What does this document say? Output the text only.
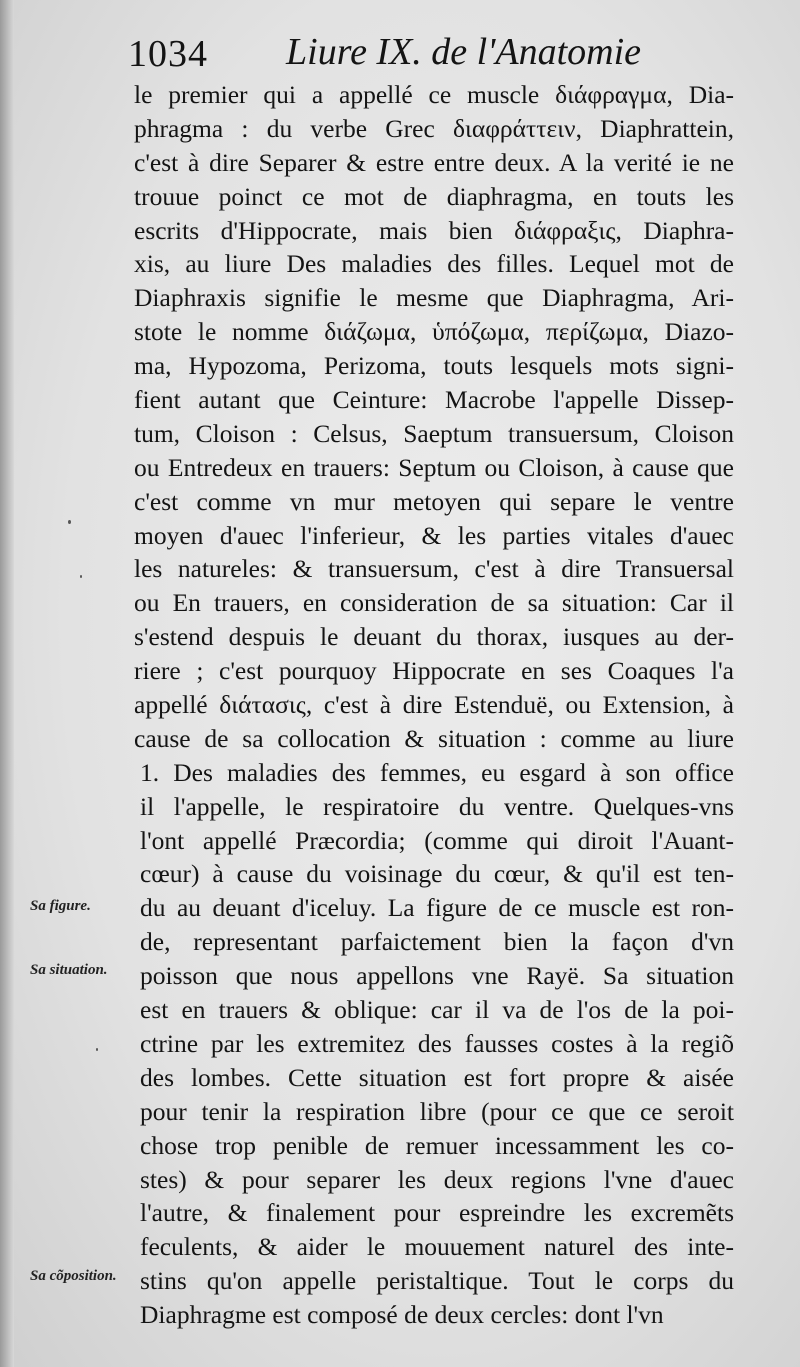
1034 Liure IX. de l'Anatomie
le premier qui a appellé ce muscle διάφραγμα, Dia-
phragma : du verbe Grec διαφράττειν, Diaphrattein,
c'est à dire Separer & estre entre deux. A la verité ie ne
trouue poinct ce mot de diaphragma, en touts les
escrits d'Hippocrate, mais bien διάφραξις, Diaphra-
xis, au liure Des maladies des filles. Lequel mot de
Diaphraxis signifie le mesme que Diaphragma, Ari-
stote le nomme διάζωμα, ὑπόζωμα, περίζωμα, Diazo-
ma, Hypozoma, Perizoma, touts lesquels mots signi-
fient autant que Ceinture: Macrobe l'appelle Dissep-
tum, Cloison : Celsus, Saeptum transuersum, Cloison
ou Entredeux en trauers: Septum ou Cloison, à cause que
c'est comme vn mur metoyen qui separe le ventre
moyen d'auec l'inferieur, & les parties vitales d'auec
les natureles: & transuersum, c'est à dire Transuersal
ou En trauers, en consideration de sa situation: Car il
s'estend despuis le deuant du thorax, iusques au der-
riere ; c'est pourquoy Hippocrate en ses Coaques l'a
appellé διάτασις, c'est à dire Estenduë, ou Extension, à
cause de sa collocation & situation : comme au liure
1. Des maladies des femmes, eu esgard à son office
il l'appelle, le respiratoire du ventre. Quelques-vns
l'ont appellé Præcordia; (comme qui diroit l'Auant-
cœur) à cause du voisinage du cœur, & qu'il est ten-
du au deuant d'iceluy. La figure de ce muscle est ron-
de, representant parfaictement bien la façon d'vn
poisson que nous appellons vne Rayë. Sa situation
est en trauers & oblique: car il va de l'os de la poi-
ctrine par les extremitez des fausses costes à la regiõ
des lombes. Cette situation est fort propre & aisée
pour tenir la respiration libre (pour ce que ce seroit
chose trop penible de remuer incessamment les co-
stes) & pour separer les deux regions l'vne d'auec
l'autre, & finalement pour espreindre les excremẽts
feculents, & aider le mouuement naturel des inte-
stins qu'on appelle peristaltique. Tout le corps du
Diaphragme est composé de deux cercles: dont l'vn
Sa figure.
Sa situation.
Sa cõposition.
